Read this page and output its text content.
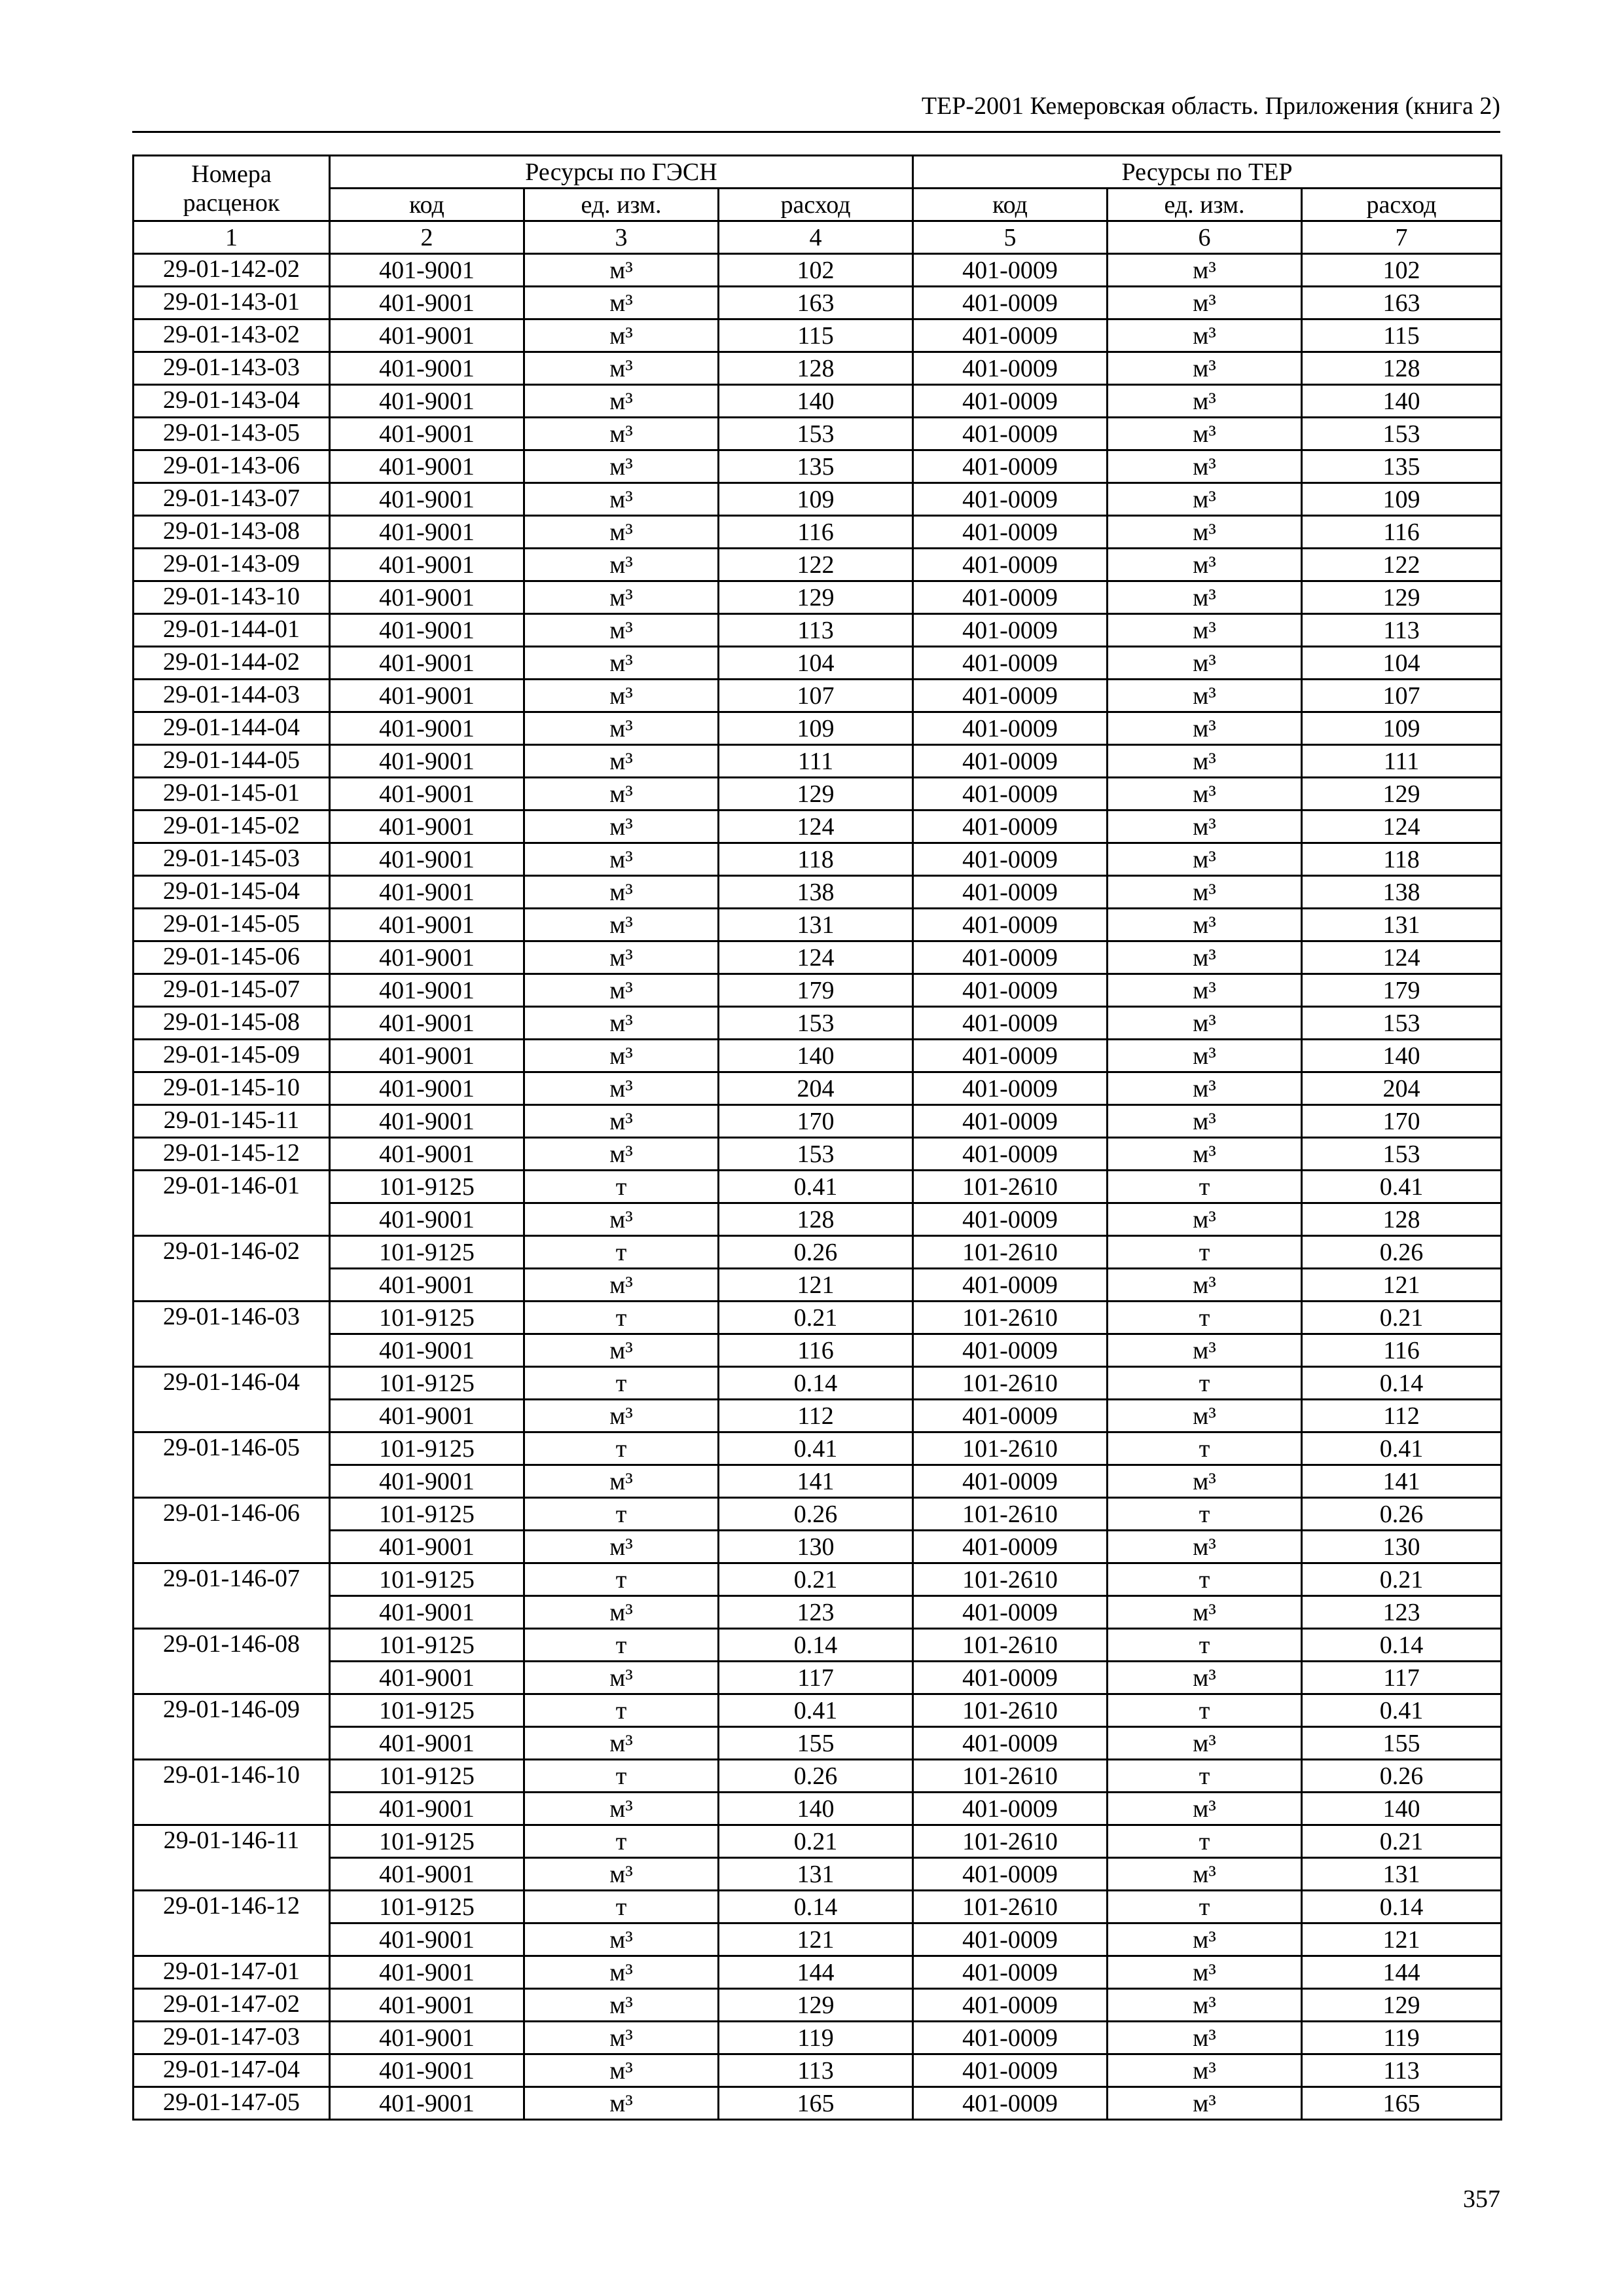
ТЕР-2001 Кемеровская область. Приложения (книга 2)
Номера расценок	Ресурсы по ГЭСН			Ресурсы по ТЕР		
	код	ед. изм.	расход	код	ед. изм.	расход
1	2	3	4	5	6	7
29-01-142-02	401-9001	м³	102	401-0009	м³	102
29-01-143-01	401-9001	м³	163	401-0009	м³	163
29-01-143-02	401-9001	м³	115	401-0009	м³	115
29-01-143-03	401-9001	м³	128	401-0009	м³	128
29-01-143-04	401-9001	м³	140	401-0009	м³	140
29-01-143-05	401-9001	м³	153	401-0009	м³	153
29-01-143-06	401-9001	м³	135	401-0009	м³	135
29-01-143-07	401-9001	м³	109	401-0009	м³	109
29-01-143-08	401-9001	м³	116	401-0009	м³	116
29-01-143-09	401-9001	м³	122	401-0009	м³	122
29-01-143-10	401-9001	м³	129	401-0009	м³	129
29-01-144-01	401-9001	м³	113	401-0009	м³	113
29-01-144-02	401-9001	м³	104	401-0009	м³	104
29-01-144-03	401-9001	м³	107	401-0009	м³	107
29-01-144-04	401-9001	м³	109	401-0009	м³	109
29-01-144-05	401-9001	м³	111	401-0009	м³	111
29-01-145-01	401-9001	м³	129	401-0009	м³	129
29-01-145-02	401-9001	м³	124	401-0009	м³	124
29-01-145-03	401-9001	м³	118	401-0009	м³	118
29-01-145-04	401-9001	м³	138	401-0009	м³	138
29-01-145-05	401-9001	м³	131	401-0009	м³	131
29-01-145-06	401-9001	м³	124	401-0009	м³	124
29-01-145-07	401-9001	м³	179	401-0009	м³	179
29-01-145-08	401-9001	м³	153	401-0009	м³	153
29-01-145-09	401-9001	м³	140	401-0009	м³	140
29-01-145-10	401-9001	м³	204	401-0009	м³	204
29-01-145-11	401-9001	м³	170	401-0009	м³	170
29-01-145-12	401-9001	м³	153	401-0009	м³	153
29-01-146-01	101-9125	т	0.41	101-2610	т	0.41
	401-9001	м³	128	401-0009	м³	128
29-01-146-02	101-9125	т	0.26	101-2610	т	0.26
	401-9001	м³	121	401-0009	м³	121
29-01-146-03	101-9125	т	0.21	101-2610	т	0.21
	401-9001	м³	116	401-0009	м³	116
29-01-146-04	101-9125	т	0.14	101-2610	т	0.14
	401-9001	м³	112	401-0009	м³	112
29-01-146-05	101-9125	т	0.41	101-2610	т	0.41
	401-9001	м³	141	401-0009	м³	141
29-01-146-06	101-9125	т	0.26	101-2610	т	0.26
	401-9001	м³	130	401-0009	м³	130
29-01-146-07	101-9125	т	0.21	101-2610	т	0.21
	401-9001	м³	123	401-0009	м³	123
29-01-146-08	101-9125	т	0.14	101-2610	т	0.14
	401-9001	м³	117	401-0009	м³	117
29-01-146-09	101-9125	т	0.41	101-2610	т	0.41
	401-9001	м³	155	401-0009	м³	155
29-01-146-10	101-9125	т	0.26	101-2610	т	0.26
	401-9001	м³	140	401-0009	м³	140
29-01-146-11	101-9125	т	0.21	101-2610	т	0.21
	401-9001	м³	131	401-0009	м³	131
29-01-146-12	101-9125	т	0.14	101-2610	т	0.14
	401-9001	м³	121	401-0009	м³	121
29-01-147-01	401-9001	м³	144	401-0009	м³	144
29-01-147-02	401-9001	м³	129	401-0009	м³	129
29-01-147-03	401-9001	м³	119	401-0009	м³	119
29-01-147-04	401-9001	м³	113	401-0009	м³	113
29-01-147-05	401-9001	м³	165	401-0009	м³	165
357
